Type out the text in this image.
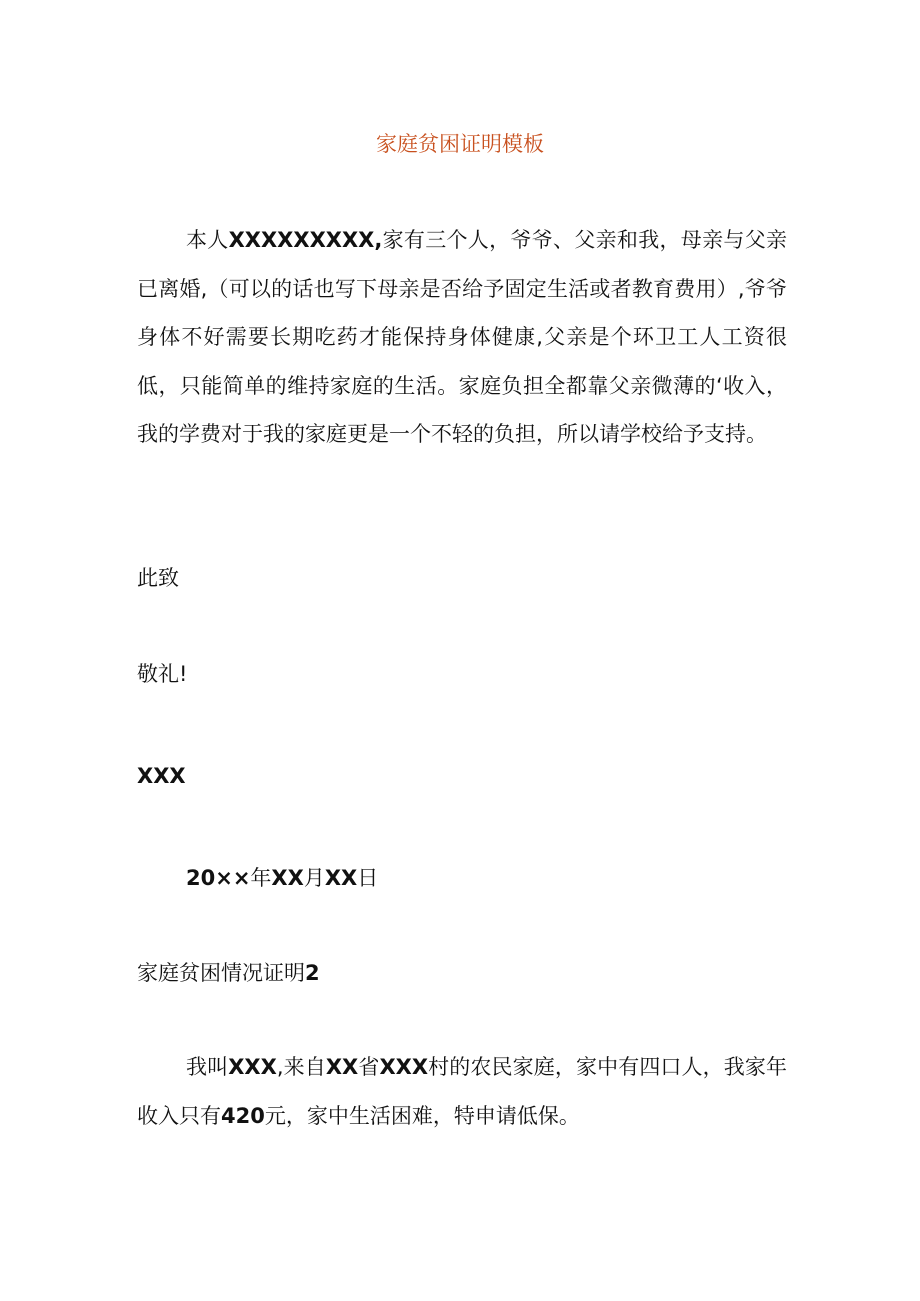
家庭贫困证明模板

本人XXXXXXXXX,家有三个人，爷爷、父亲和我，母亲与父亲已离婚,（可以的话也写下母亲是否给予固定生活或者教育费用）,爷爷身体不好需要长期吃药才能保持身体健康,父亲是个环卫工人工资很低，只能简单的维持家庭的生活。家庭负担全都靠父亲微薄的‘收入，我的学费对于我的家庭更是一个不轻的负担，所以请学校给予支持。

此致
敬礼!
XXX
20××年XX月XX日
家庭贫困情况证明2

我叫XXX,来自XX省XXX村的农民家庭，家中有四口人，我家年收入只有420元，家中生活困难，特申请低保。
